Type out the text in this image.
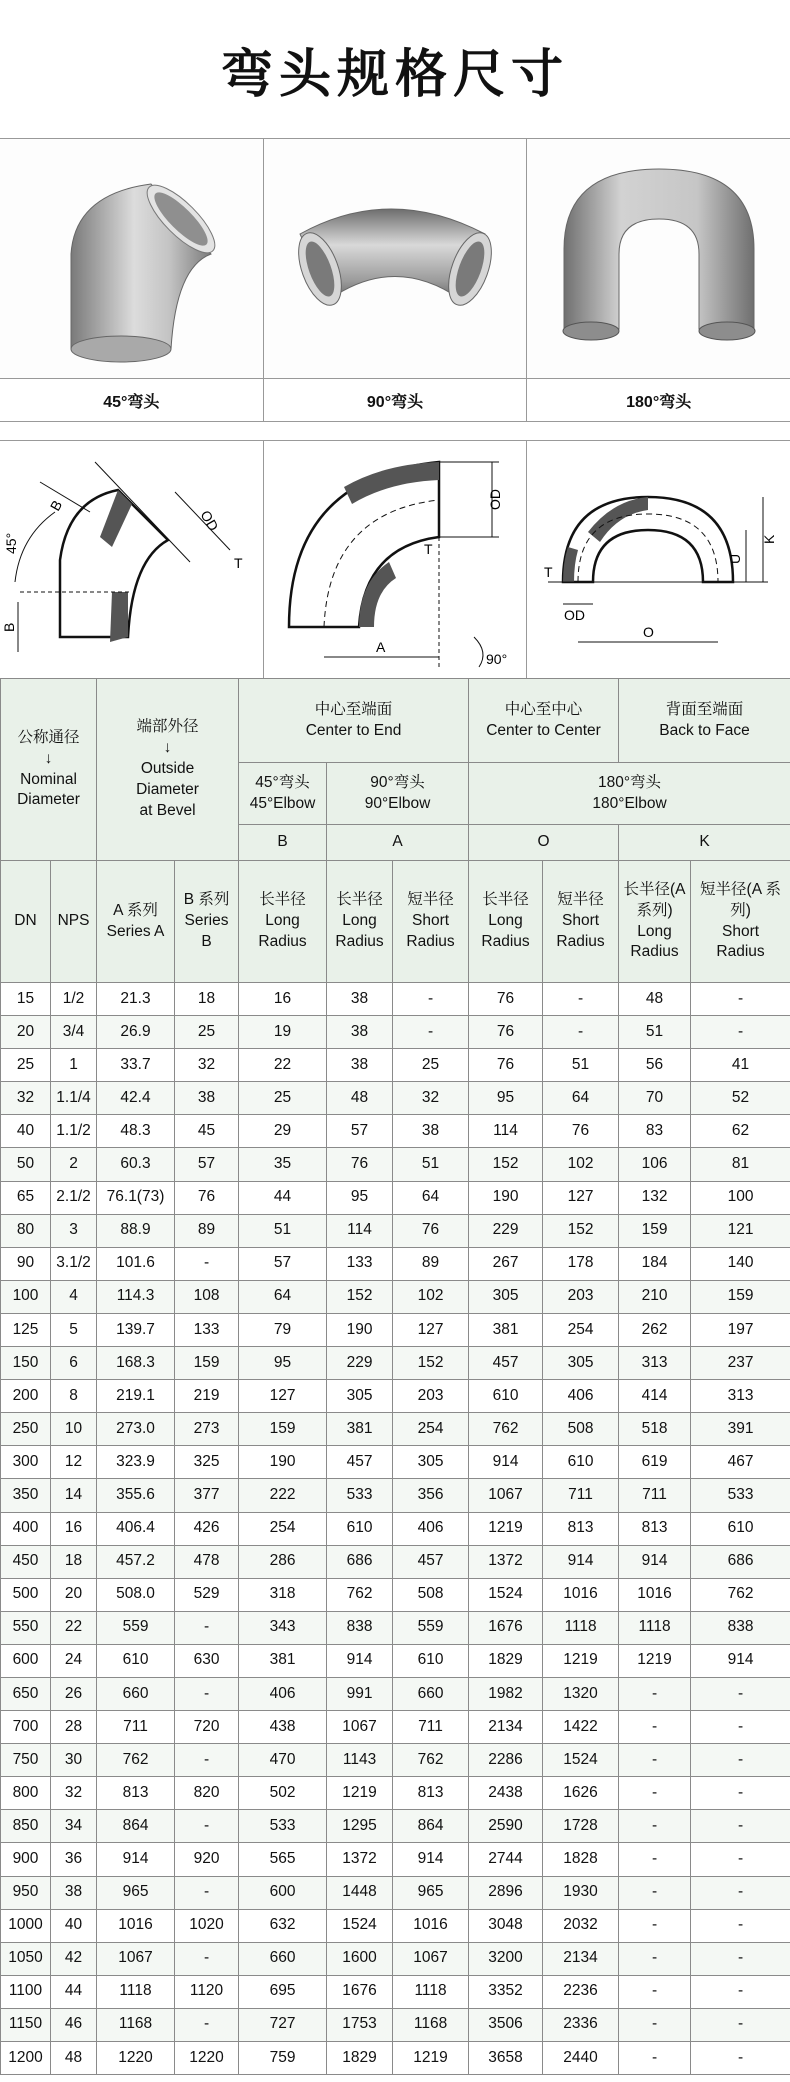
弯头规格尺寸
45°弯头	90°弯头	180°弯头
B
B
45°
OD
T
OD
T
A
90°
T
OD
O
U
K
公称通径
↓
Nominal
Diameter		端部外径
↓
Outside
Diameter
at Bevel		中心至端面
Center to End			中心至中心
Center to Center		背面至端面
Back to Face	
				45°弯头
45°Elbow	90°弯头
90°Elbow		180°弯头
180°Elbow			
				B	A		O		K	
DN	NPS	A 系列
Series A	B 系列
Series
B	长半径
Long
Radius	长半径
Long
Radius	短半径
Short
Radius	长半径
Long
Radius	短半径
Short
Radius	长半径(A
系列)
Long
Radius	短半径(A 系
列)
Short
Radius
15	1/2	21.3	18	16	38	-	76	-	48	-
20	3/4	26.9	25	19	38	-	76	-	51	-
25	1	33.7	32	22	38	25	76	51	56	41
32	1.1/4	42.4	38	25	48	32	95	64	70	52
40	1.1/2	48.3	45	29	57	38	114	76	83	62
50	2	60.3	57	35	76	51	152	102	106	81
65	2.1/2	76.1(73)	76	44	95	64	190	127	132	100
80	3	88.9	89	51	114	76	229	152	159	121
90	3.1/2	101.6	-	57	133	89	267	178	184	140
100	4	114.3	108	64	152	102	305	203	210	159
125	5	139.7	133	79	190	127	381	254	262	197
150	6	168.3	159	95	229	152	457	305	313	237
200	8	219.1	219	127	305	203	610	406	414	313
250	10	273.0	273	159	381	254	762	508	518	391
300	12	323.9	325	190	457	305	914	610	619	467
350	14	355.6	377	222	533	356	1067	711	711	533
400	16	406.4	426	254	610	406	1219	813	813	610
450	18	457.2	478	286	686	457	1372	914	914	686
500	20	508.0	529	318	762	508	1524	1016	1016	762
550	22	559	-	343	838	559	1676	1118	1118	838
600	24	610	630	381	914	610	1829	1219	1219	914
650	26	660	-	406	991	660	1982	1320	-	-
700	28	711	720	438	1067	711	2134	1422	-	-
750	30	762	-	470	1143	762	2286	1524	-	-
800	32	813	820	502	1219	813	2438	1626	-	-
850	34	864	-	533	1295	864	2590	1728	-	-
900	36	914	920	565	1372	914	2744	1828	-	-
950	38	965	-	600	1448	965	2896	1930	-	-
1000	40	1016	1020	632	1524	1016	3048	2032	-	-
1050	42	1067	-	660	1600	1067	3200	2134	-	-
1100	44	1118	1120	695	1676	1118	3352	2236	-	-
1150	46	1168	-	727	1753	1168	3506	2336	-	-
1200	48	1220	1220	759	1829	1219	3658	2440	-	-
